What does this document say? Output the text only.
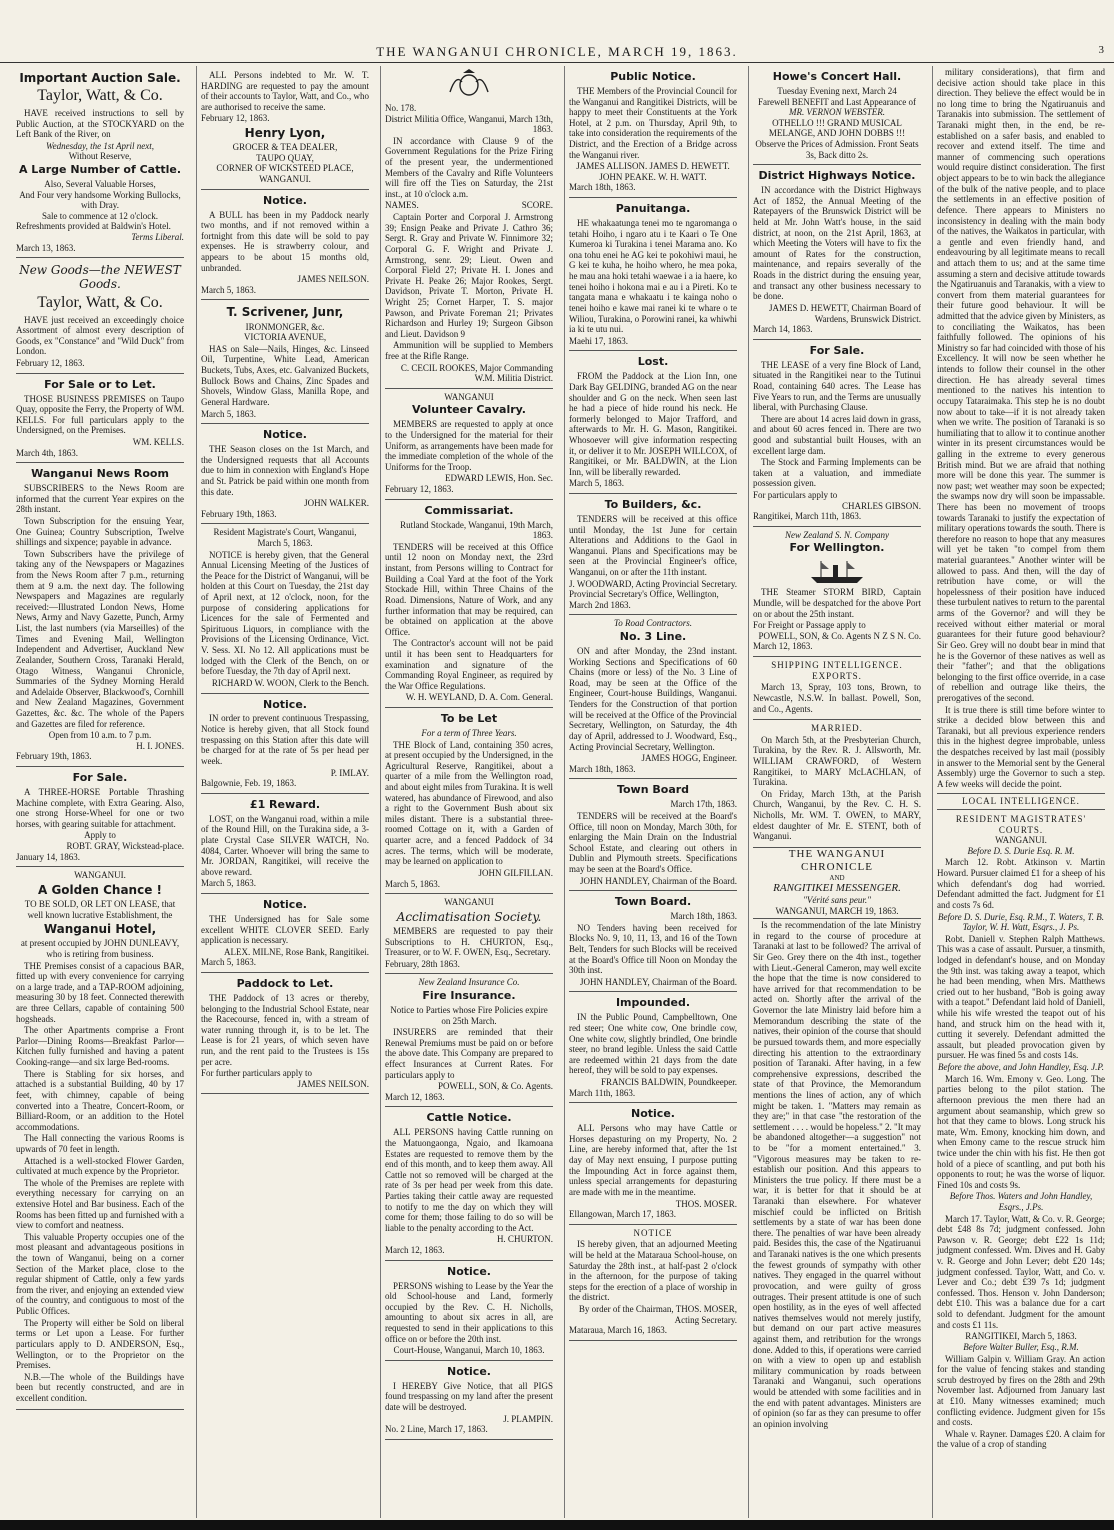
THE WANGANUI CHRONICLE, MARCH 19, 1863.	3
Important Auction Sale.
Taylor, Watt, & Co.

HAVE received instructions to sell by Public Auction, at the STOCKYARD on the Left Bank of the River, on

Wednesday, the 1st April next,
Without Reserve,
A Large Number of Cattle.
Also, Several Valuable Horses,
And Four very handsome Working Bullocks, with Dray.
Sale to commence at 12 o'clock.
Refreshments provided at Baldwin's Hotel.
Terms Liberal.
March 13, 1863.
New Goods—the NEWEST Goods.
Taylor, Watt, & Co.

HAVE just received an exceedingly choice Assortment of almost every description of Goods, ex "Constance" and "Wild Duck" from London.

February 12, 1863.
For Sale or to Let.

THOSE BUSINESS PREMISES on Taupo Quay, opposite the Ferry, the Property of WM. KELLS. For full particulars apply to the Undersigned, on the Premises.

WM. KELLS.
March 4th, 1863.
Wanganui News Room

SUBSCRIBERS to the News Room are informed that the current Year expires on the 28th instant.

Town Subscription for the ensuing Year, One Guinea; Country Subscription, Twelve shillings and sixpence; payable in advance.

Town Subscribers have the privilege of taking any of the Newspapers or Magazines from the News Room after 7 p.m., returning them at 9 a.m. the next day. The following Newspapers and Magazines are regularly received:—Illustrated London News, Home News, Army and Navy Gazette, Punch, Army List, the last numbers (via Marseilles) of the Times and Evening Mail, Wellington Independent and Advertiser, Auckland New Zealander, Southern Cross, Taranaki Herald, Otago Witness, Wanganui Chronicle, Summaries of the Sydney Morning Herald and Adelaide Observer, Blackwood's, Cornhill and New Zealand Magazines, Government Gazettes, &c. &c. The whole of the Papers and Gazettes are filed for reference.

Open from 10 a.m. to 7 p.m.
H. I. JONES.
February 19th, 1863.
For Sale.

A THREE-HORSE Portable Thrashing Machine complete, with Extra Gearing. Also, one strong Horse-Wheel for one or two horses, with gearing suitable for attachment.

Apply to
ROBT. GRAY, Wickstead-place.
January 14, 1863.
WANGANUI.
A Golden Chance !
TO BE SOLD, OR LET ON LEASE, that well known lucrative Establishment, the
Wanganui Hotel,
at present occupied by JOHN DUNLEAVY, who is retiring from business.

THE Premises consist of a capacious BAR, fitted up with every convenience for carrying on a large trade, and a TAP-ROOM adjoining, measuring 30 by 18 feet. Connected therewith are three Cellars, capable of containing 500 hogsheads.

The other Apartments comprise a Front Parlor—Dining Rooms—Breakfast Parlor—Kitchen fully furnished and having a patent Cooking-range—and six large Bed-rooms.

There is Stabling for six horses, and attached is a substantial Building, 40 by 17 feet, with chimney, capable of being converted into a Theatre, Concert-Room, or Billiard-Room, or an addition to the Hotel accommodations.

The Hall connecting the various Rooms is upwards of 70 feet in length.

Attached is a well-stocked Flower Garden, cultivated at much expence by the Proprietor.

The whole of the Premises are replete with everything necessary for carrying on an extensive Hotel and Bar business. Each of the Rooms has been fitted up and furnished with a view to comfort and neatness.

This valuable Property occupies one of the most pleasant and advantageous positions in the town of Wanganui, being on a corner Section of the Market place, close to the regular shipment of Cattle, only a few yards from the river, and enjoying an extended view of the country, and contiguous to most of the Public Offices.

The Property will either be Sold on liberal terms or Let upon a Lease. For further particulars apply to D. ANDERSON, Esq., Wellington, or to the Proprietor on the Premises.

N.B.—The whole of the Buildings have been but recently constructed, and are in excellent condition.

ALL Persons indebted to Mr. W. T. HARDING are requested to pay the amount of their accounts to Taylor, Watt, and Co., who are authorised to receive the same.

February 12, 1863.
Henry Lyon,
GROCER & TEA DEALER,
TAUPO QUAY,
CORNER OF WICKSTEED PLACE, WANGANUI.
Notice.

A BULL has been in my Paddock nearly two months, and if not removed within a fortnight from this date will be sold to pay expenses. He is strawberry colour, and appears to be about 15 months old, unbranded.

JAMES NEILSON.
March 5, 1863.
T. Scrivener, Junr,
IRONMONGER, &c.
VICTORIA AVENUE,

HAS on Sale—Nails, Hinges, &c. Linseed Oil, Turpentine, White Lead, American Buckets, Tubs, Axes, etc. Galvanized Buckets, Bullock Bows and Chains, Zinc Spades and Shovels, Window Glass, Manilla Rope, and General Hardware.

March 5, 1863.
Notice.

THE Season closes on the 1st March, and the Undersigned requests that all Accounts due to him in connexion with England's Hope and St. Patrick be paid within one month from this date.

JOHN WALKER.
February 19th, 1863.
Resident Magistrate's Court, Wanganui, March 5, 1863.

NOTICE is hereby given, that the General Annual Licensing Meeting of the Justices of the Peace for the District of Wanganui, will be holden at this Court on Tuesday, the 21st day of April next, at 12 o'clock, noon, for the purpose of considering applications for Licences for the sale of Fermented and Spirituous Liquors, in compliance with the Provisions of the Licensing Ordinance, Vict. V. Sess. XI. No 12. All applications must be lodged with the Clerk of the Bench, on or before Tuesday, the 7th day of April next.

RICHARD W. WOON, Clerk to the Bench.
Notice.

IN order to prevent continuous Trespassing, Notice is hereby given, that all Stock found trespassing on this Station after this date will be charged for at the rate of 5s per head per week.

P. IMLAY.
Balgownie, Feb. 19, 1863.
£1 Reward.

LOST, on the Wanganui road, within a mile of the Round Hill, on the Turakina side, a 3-plate Crystal Case SILVER WATCH, No. 4084, Carter. Whoever will bring the same to Mr. JORDAN, Rangitikei, will receive the above reward.

March 5, 1863.
Notice.

THE Undersigned has for Sale some excellent WHITE CLOVER SEED. Early application is necessary.

ALEX. MILNE, Rose Bank, Rangitikei.
March 5, 1863.
Paddock to Let.

THE Paddock of 13 acres or thereby, belonging to the Industrial School Estate, near the Racecourse, fenced in, with a stream of water running through it, is to be let. The Lease is for 21 years, of which seven have run, and the rent paid to the Trustees is 15s per acre.

For further particulars apply to
JAMES NEILSON.
No. 178.
District Militia Office, Wanganui, March 13th, 1863.

IN accordance with Clause 9 of the Government Regulations for the Prize Firing of the present year, the undermentioned Members of the Cavalry and Rifle Volunteers will fire off the Ties on Saturday, the 21st inst., at 10 o'clock a.m.

NAMES.	SCORE.

Captain Porter and Corporal J. Armstrong 39; Ensign Peake and Private J. Cathro 36; Sergt. R. Gray and Private W. Finnimore 32; Corporal G. F. Wright and Private J. Armstrong, senr. 29; Lieut. Owen and Corporal Field 27; Private H. I. Jones and Private H. Peake 26; Major Rookes, Sergt. Davidson, Private T. Morton, Private H. Wright 25; Cornet Harper, T. S. major Pawson, and Private Foreman 21; Privates Richardson and Hurley 19; Surgeon Gibson and Lieut. Davidson 9

Ammunition will be supplied to Members free at the Rifle Range.

C. CECIL ROOKES, Major Commanding W.M. Militia District.
WANGANUI
Volunteer Cavalry.

MEMBERS are requested to apply at once to the Undersigned for the material for their Uniform, as arrangements have been made for the immediate completion of the whole of the Uniforms for the Troop.

EDWARD LEWIS, Hon. Sec.
February 12, 1863.
Commissariat.
Rutland Stockade, Wanganui, 19th March, 1863.

TENDERS will be received at this Office until 12 noon on Monday next, the 23rd instant, from Persons willing to Contract for Building a Coal Yard at the foot of the York Stockade Hill, within Three Chains of the Road. Dimensions, Nature of Work, and any further information that may be required, can be obtained on application at the above Office.

The Contractor's account will not be paid until it has been sent to Headquarters for examination and signature of the Commanding Royal Engineer, as required by the War Office Regulations.

W. H. WEYLAND, D. A. Com. General.
To be Let
For a term of Three Years.

THE Block of Land, containing 350 acres, at present occupied by the Undersigned, in the Agricultural Reserve, Rangitikei, about a quarter of a mile from the Wellington road, and about eight miles from Turakina. It is well watered, has abundance of Firewood, and also a right to the Government Bush about six miles distant. There is a substantial three-roomed Cottage on it, with a Garden of quarter acre, and a fenced Paddock of 34 acres. The terms, which will be moderate, may be learned on application to

JOHN GILFILLAN.
March 5, 1863.
WANGANUI
Acclimatisation Society.

MEMBERS are requested to pay their Subscriptions to H. CHURTON, Esq., Treasurer, or to W. F. OWEN, Esq., Secretary.

February, 28th 1863.
New Zealand Insurance Co.
Fire Insurance.
Notice to Parties whose Fire Policies expire on 25th March.

INSURERS are reminded that their Renewal Premiums must be paid on or before the above date. This Company are prepared to effect Insurances at Current Rates. For particulars apply to

POWELL, SON, & Co. Agents.
March 12, 1863.
Cattle Notice.

ALL PERSONS having Cattle running on the Matuongaonga, Ngaio, and Ikamoana Estates are requested to remove them by the end of this month, and to keep them away. All Cattle not so removed will be charged at the rate of 3s per head per week from this date. Parties taking their cattle away are requested to notify to me the day on which they will come for them; those failing to do so will be liable to the penalty according to the Act.

H. CHURTON.
March 12, 1863.
Notice.

PERSONS wishing to Lease by the Year the old School-house and Land, formerly occupied by the Rev. C. H. Nicholls, amounting to about six acres in all, are requested to send in their applications to this office on or before the 20th inst.

Court-House, Wanganui, March 10, 1863.
Notice.

I HEREBY Give Notice, that all PIGS found trespassing on my land after the present date will be destroyed.

J. PLAMPIN.
No. 2 Line, March 17, 1863.
Public Notice.

THE Members of the Provincial Council for the Wanganui and Rangitikei Districts, will be happy to meet their Constituents at the York Hotel, at 2 p.m. on Thursday, April 9th, to take into consideration the requirements of the District, and the Erection of a Bridge across the Wanganui river.

JAMES ALLISON. JAMES D. HEWETT. JOHN PEAKE. W. H. WATT.
March 18th, 1863.
Panuitanga.

HE whakaatunga tenei mo te ngaromanga o tetahi Hoiho, i ngaro atu i te Kaari o Te One Kumeroa ki Turakina i tenei Marama ano. Ko ona tohu enei he AG kei te pokohiwi maui, he G kei te kuha, he hoiho whero, he mea poka, he mau ana hoki tetahi waewae i a ia haere, ko tenei hoiho i hokona mai e au i a Pireti. Ko te tangata mana e whakaatu i te kainga noho o tenei hoiho e kawe mai ranei ki te whare o te Wiliou, Turakina, o Porowini ranei, ka whiwhi ia ki te utu nui.

Maehi 17, 1863.
Lost.

FROM the Paddock at the Lion Inn, one Dark Bay GELDING, branded AG on the near shoulder and G on the neck. When seen last he had a piece of hide round his neck. He formerly belonged to Major Trafford, and afterwards to Mr. H. G. Mason, Rangitikei. Whosoever will give information respecting it, or deliver it to Mr. JOSEPH WILLCOX, of Rangitikei, or Mr. BALDWIN, at the Lion Inn, will be liberally rewarded.

March 5, 1863.
To Builders, &c.

TENDERS will be received at this office until Monday, the 1st June for certain Alterations and Additions to the Gaol in Wanganui. Plans and Specifications may be seen at the Provincial Engineer's office, Wanganui, on or after the 11th instant.

J. WOODWARD, Acting Provincial Secretary.
Provincial Secretary's Office, Wellington, March 2nd 1863.
To Road Contractors.
No. 3 Line.

ON and after Monday, the 23nd instant. Working Sections and Specifications of 60 Chains (more or less) of the No. 3 Line of Road, may be seen at the Office of the Engineer, Court-house Buildings, Wanganui. Tenders for the Construction of that portion will be received at the Office of the Provincial Secretary, Wellington, on Saturday, the 4th day of April, addressed to J. Woodward, Esq., Acting Provincial Secretary, Wellington.

JAMES HOGG, Engineer.
March 18th, 1863.
Town Board
March 17th, 1863.

TENDERS will be received at the Board's Office, till noon on Monday, March 30th, for enlarging the Main Drain on the Industrial School Estate, and clearing out others in Dublin and Plymouth streets. Specifications may be seen at the Board's Office.

JOHN HANDLEY, Chairman of the Board.
Town Board.
March 18th, 1863.

NO Tenders having been received for Blocks No. 9, 10, 11, 13, and 16 of the Town Belt, Tenders for such Blocks will be received at the Board's Office till Noon on Monday the 30th inst.

JOHN HANDLEY, Chairman of the Board.
Impounded.

IN the Public Pound, Campbelltown, One red steer; One white cow, One brindle cow, One white cow, slightly brindled, One brindle steer, no brand legible. Unless the said Cattle are redeemed within 21 days from the date hereof, they will be sold to pay expenses.

FRANCIS BALDWIN, Poundkeeper.
March 11th, 1863.
Notice.

ALL Persons who may have Cattle or Horses depasturing on my Property, No. 2 Line, are hereby informed that, after the 1st day of May next ensuing, I purpose putting the Impounding Act in force against them, unless special arrangements for depasturing are made with me in the meantime.

THOS. MOSER.
Ellangowan, March 17, 1863.
NOTICE

IS hereby given, that an adjourned Meeting will be held at the Mataraua School-house, on Saturday the 28th inst., at half-past 2 o'clock in the afternoon, for the purpose of taking steps for the erection of a place of worship in the district.

By order of the Chairman, THOS. MOSER, Acting Secretary.
Mataraua, March 16, 1863.
Howe's Concert Hall.
Tuesday Evening next, March 24
Farewell BENEFIT and Last Appearance of
MR. VERNON WEBSTER.
OTHELLO !!! GRAND MUSICAL MELANGE, AND JOHN DOBBS !!!
Observe the Prices of Admission. Front Seats 3s, Back ditto 2s.
District Highways Notice.

IN accordance with the District Highways Act of 1852, the Annual Meeting of the Ratepayers of the Brunswick District will be held at Mr. John Watt's house, in the said district, at noon, on the 21st April, 1863, at which Meeting the Voters will have to fix the amount of Rates for the construction, maintenance, and repairs severally of the Roads in the district during the ensuing year, and transact any other business necessary to be done.

JAMES D. HEWETT, Chairman Board of Wardens, Brunswick District.
March 14, 1863.
For Sale.

THE LEASE of a very fine Block of Land, situated in the Rangitikei near to the Tutinui Road, containing 640 acres. The Lease has Five Years to run, and the Terms are unusually liberal, with Purchasing Clause.

There are about 14 acres laid down in grass, and about 60 acres fenced in. There are two good and substantial built Houses, with an excellent large dam.

The Stock and Farming Implements can be taken at a valuation, and immediate possession given.

For particulars apply to
CHARLES GIBSON.
Rangitikei, March 11th, 1863.
New Zealand S. N. Company
For Wellington.

THE Steamer STORM BIRD, Captain Mundle, will be despatched for the above Port on or about the 25th instant.

For Freight or Passage apply to
POWELL, SON, & Co. Agents N Z S N. Co.
March 12, 1863.
SHIPPING INTELLIGENCE.
EXPORTS.

March 13, Spray, 103 tons, Brown, to Newcastle, N.S.W. In ballast. Powell, Son, and Co., Agents.

MARRIED.

On March 5th, at the Presbyterian Church, Turakina, by the Rev. R. J. Allsworth, Mr. WILLIAM CRAWFORD, of Western Rangitikei, to MARY McLACHLAN, of Turakina.

On Friday, March 13th, at the Parish Church, Wanganui, by the Rev. C. H. S. Nicholls, Mr. WM. T. OWEN, to MARY, eldest daughter of Mr. E. STENT, both of Wanganui.

THE WANGANUI CHRONICLE
AND
RANGITIKEI MESSENGER.
"Vérité sans peur."
WANGANUI, MARCH 19, 1863.

Is the recommendation of the late Ministry in regard to the course of procedure at Taranaki at last to be followed? The arrival of Sir Geo. Grey there on the 4th inst., together with Lieut.-General Cameron, may well excite the hope that the time is now considered to have arrived for that recommendation to be acted on. Shortly after the arrival of the Governor the late Ministry laid before him a Memorandum describing the state of the natives, their opinion of the course that should be pursued towards them, and more especially directing his attention to the extraordinary position of Taranaki. After having, in a few comprehensive expressions, described the state of that Province, the Memorandum mentions the lines of action, any of which might be taken. 1. "Matters may remain as they are;" in that case "the restoration of the settlement . . . . would be hopeless." 2. "It may be abandoned altogether—a suggestion" not to be "for a moment entertained." 3. "Vigorous measures may be taken to re-establish our position. And this appears to Ministers the true policy. If there must be a war, it is better for that it should be at Taranaki than elsewhere. For whatever mischief could be inflicted on British settlements by a state of war has been done there. The penalties of war have been already paid. Besides this, the case of the Ngatiruanui and Taranaki natives is the one which presents the fewest grounds of sympathy with other natives. They engaged in the quarrel without provocation, and were guilty of gross outrages. Their present attitude is one of such open hostility, as in the eyes of well affected natives themselves would not merely justify, but demand on our part active measures against them, and retribution for the wrongs done. Added to this, if operations were carried on with a view to open up and establish military communication by roads between Taranaki and Wanganui, such operations would be attended with some facilities and in the end with patent advantages. Ministers are of opinion (so far as they can presume to offer an opinion involving

military considerations), that firm and decisive action should take place in this direction. They believe the effect would be in no long time to bring the Ngatiruanuis and Taranakis into submission. The settlement of Taranaki might then, in the end, be re-established on a safer basis, and enabled to recover and extend itself. The time and manner of commencing such operations would require distinct consideration. The first object appears to be to win back the allegiance of the bulk of the native people, and to place the settlements in an effective position of defence. There appears to Ministers no inconsistency in dealing with the main body of the natives, the Waikatos in particular, with a gentle and even friendly hand, and endeavouring by all legitimate means to recall and attach them to us; and at the same time assuming a stern and decisive attitude towards the Ngatiruanuis and Taranakis, with a view to convert from them material guarantees for their future good behaviour. It will be admitted that the advice given by Ministers, as to conciliating the Waikatos, has been faithfully followed. The opinions of his Ministry so far had coincided with those of his Excellency. It will now be seen whether he intends to follow their counsel in the other direction. He has already several times mentioned to the natives his intention to occupy Tataraimaka. This step he is no doubt now about to take—if it is not already taken when we write. The position of Taranaki is so humiliating that to allow it to continue another winter in its present circumstances would be galling in the extreme to every generous British mind. But we are afraid that nothing more will be done this year. The summer is now past; wet weather may soon be expected; the swamps now dry will soon be impassable. There has been no movement of troops towards Taranaki to justify the expectation of military operations towards the south. There is therefore no reason to hope that any measures will yet be taken "to compel from them material guarantees." Another winter will be allowed to pass. And then, will the day of retribution have come, or will the hopelessness of their position have induced these turbulent natives to return to the parental arms of the Governor? and will they be received without either material or moral guarantees for their future good behaviour? Sir Geo. Grey will no doubt bear in mind that he is the Governor of these natives as well as their "father"; and that the obligations belonging to the first office override, in a case of rebellion and outrage like theirs, the prerogatives of the second.

It is true there is still time before winter to strike a decided blow between this and Taranaki, but all previous experience renders this in the highest degree improbable, unless the despatches received by last mail (possibly in answer to the Memorial sent by the General Assembly) urge the Governor to such a step. A few weeks will decide the point.

LOCAL INTELLIGENCE.
RESIDENT MAGISTRATES' COURTS.
WANGANUI.
Before D. S. Durie Esq. R. M.

March 12. Robt. Atkinson v. Martin Howard. Pursuer claimed £1 for a sheep of his which defendant's dog had worried. Defendant admitted the fact. Judgment for £1 and costs 7s 6d.

Before D. S. Durie, Esq. R.M., T. Waters, T. B. Taylor, W. H. Watt, Esqrs., J. Ps.

Robt. Daniell v. Stephen Ralph Matthews. This was a case of assault. Pursuer, a tinsmith, lodged in defendant's house, and on Monday the 9th inst. was taking away a teapot, which he had been mending, when Mrs. Matthews cried out to her husband, "Bob is going away with a teapot." Defendant laid hold of Daniell, while his wife wrested the teapot out of his hand, and struck him on the head with it, cutting it severely. Defendant admitted the assault, but pleaded provocation given by pursuer. He was fined 5s and costs 14s.

Before the above, and John Handley, Esq. J.P.

March 16. Wm. Emony v. Geo. Long. The parties belong to the pilot station. The afternoon previous the men there had an argument about seamanship, which grew so hot that they came to blows. Long struck his mate, Wm. Emony, knocking him down, and when Emony came to the rescue struck him twice under the chin with his fist. He then got hold of a piece of scantling, and put both his opponents to rout; he was the worse of liquor. Fined 10s and costs 9s.

Before Thos. Waters and John Handley, Esqrs., J.Ps.

March 17. Taylor, Watt, & Co. v. R. George; debt £48 8s 7d; judgment confessed. John Pawson v. R. George; debt £22 1s 11d; judgment confessed. Wm. Dives and H. Gaby v. R. George and John Lever; debt £20 14s; judgment confessed. Taylor, Watt, and Co. v. Lever and Co.; debt £39 7s 1d; judgment confessed. Thos. Henson v. John Danderson; debt £10. This was a balance due for a cart sold to defendant. Judgment for the amount and costs £1 11s.

RANGITIKEI, March 5, 1863.
Before Walter Buller, Esq., R.M.

William Galpin v. William Gray. An action for the value of fencing stakes and standing scrub destroyed by fires on the 28th and 29th November last. Adjourned from January last at £10. Many witnesses examined; much conflicting evidence. Judgment given for 15s and costs.

Whale v. Rayner. Damages £20. A claim for the value of a crop of standing
